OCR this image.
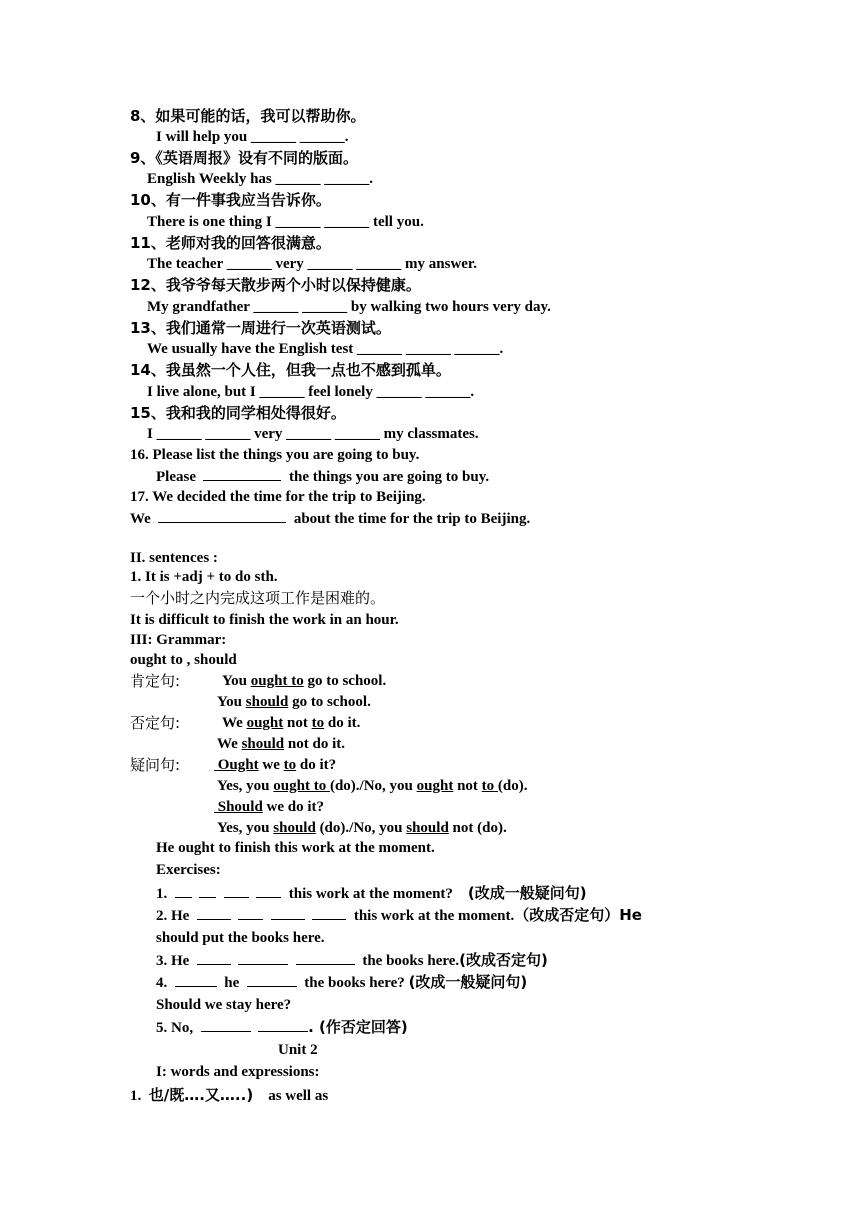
8、如果可能的话，我可以帮助你。
I will help you ______ ______.
9、《英语周报》设有不同的版面。
English Weekly has ______ ______.
10、有一件事我应当告诉你。
There is one thing I ______ ______ tell you.
11、老师对我的回答很满意。
The teacher ______ very ______ ______ my answer.
12、我爷爷每天散步两个小时以保持健康。
My grandfather ______ ______ by walking two hours very day.
13、我们通常一周进行一次英语测试。
We usually have the English test ______ ______ ______.
14、我虽然一个人住，但我一点也不感到孤单。
I live alone, but I ______ feel lonely ______ ______.
15、我和我的同学相处得很好。
I ______ ______ very ______ ______ my classmates.
16. Please list the things you are going to buy.
Please	the things you are going to buy.
17. We decided the time for the trip to Beijing.
We	about the time for the trip to Beijing.
II. sentences :
1. It is +adj + to do sth.
一个小时之内完成这项工作是困难的。
It is difficult to finish the work in an hour.
III: Grammar:
ought to , should
肯定句:	You ought to go to school.
You should go to school.
否定句:	We ought not to do it.
We should not do it.
疑问句:	Ought we to do it?
Yes, you ought to (do)./No, you ought not to (do).
Should we do it?
Yes, you should (do)./No, you should not (do).
He ought to finish this work at the moment.
Exercises:
1.	this work at the moment? (改成一般疑问句)
2. He	this work at the moment.（改成否定句）He
should put the books here.
3. He	the books here.(改成否定句)
4.	he	the books here? (改成一般疑问句)
Should we stay here?
5. No,	. (作否定回答)
Unit 2
I: words and expressions:
1. 也/既….又…..) as well as
